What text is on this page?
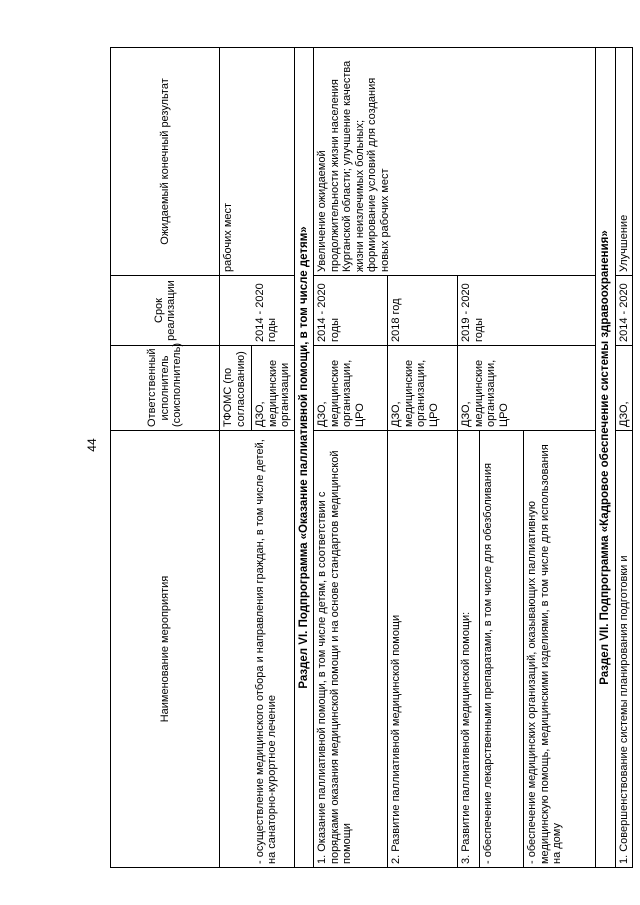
44
Наименование мероприятия	Ответственный исполнитель (соисполнитель)	Срок реализации	Ожидаемый конечный результат
	ТФОМС (по согласованию)		рабочих мест
- осуществление медицинского отбора и направления граждан, в том числе детей, на санаторно-курортное лечение	ДЗО, медицинские организации	2014 - 2020 годы	
Раздел VI. Подпрограмма «Оказание паллиативной помощи, в том числе детям»			
1. Оказание паллиативной помощи, в том числе детям, в соответствии с порядками оказания медицинской помощи и на основе стандартов медицинской помощи	ДЗО, медицинские организации, ЦРО	2014 - 2020 годы	Увеличение ожидаемой продолжительности жизни населения Курганской области; улучшение качества жизни неизлечимых больных; формирование условий для создания новых рабочих мест
2. Развитие паллиативной медицинской помощи	ДЗО, медицинские организации, ЦРО	2018 год	
3. Развитие паллиативной медицинской помощи:	ДЗО, медицинские организации, ЦРО	2019 - 2020 годы	
- обеспечение лекарственными препаратами, в том числе для обезболивания			
- обеспечение медицинских организаций, оказывающих паллиативную медицинскую помощь, медицинскими изделиями, в том числе для использования на дому			
Раздел VII. Подпрограмма «Кадровое обеспечение системы здравоохранения»			
1. Совершенствование системы планирования подготовки и	ДЗО,	2014 - 2020	Улучшение
